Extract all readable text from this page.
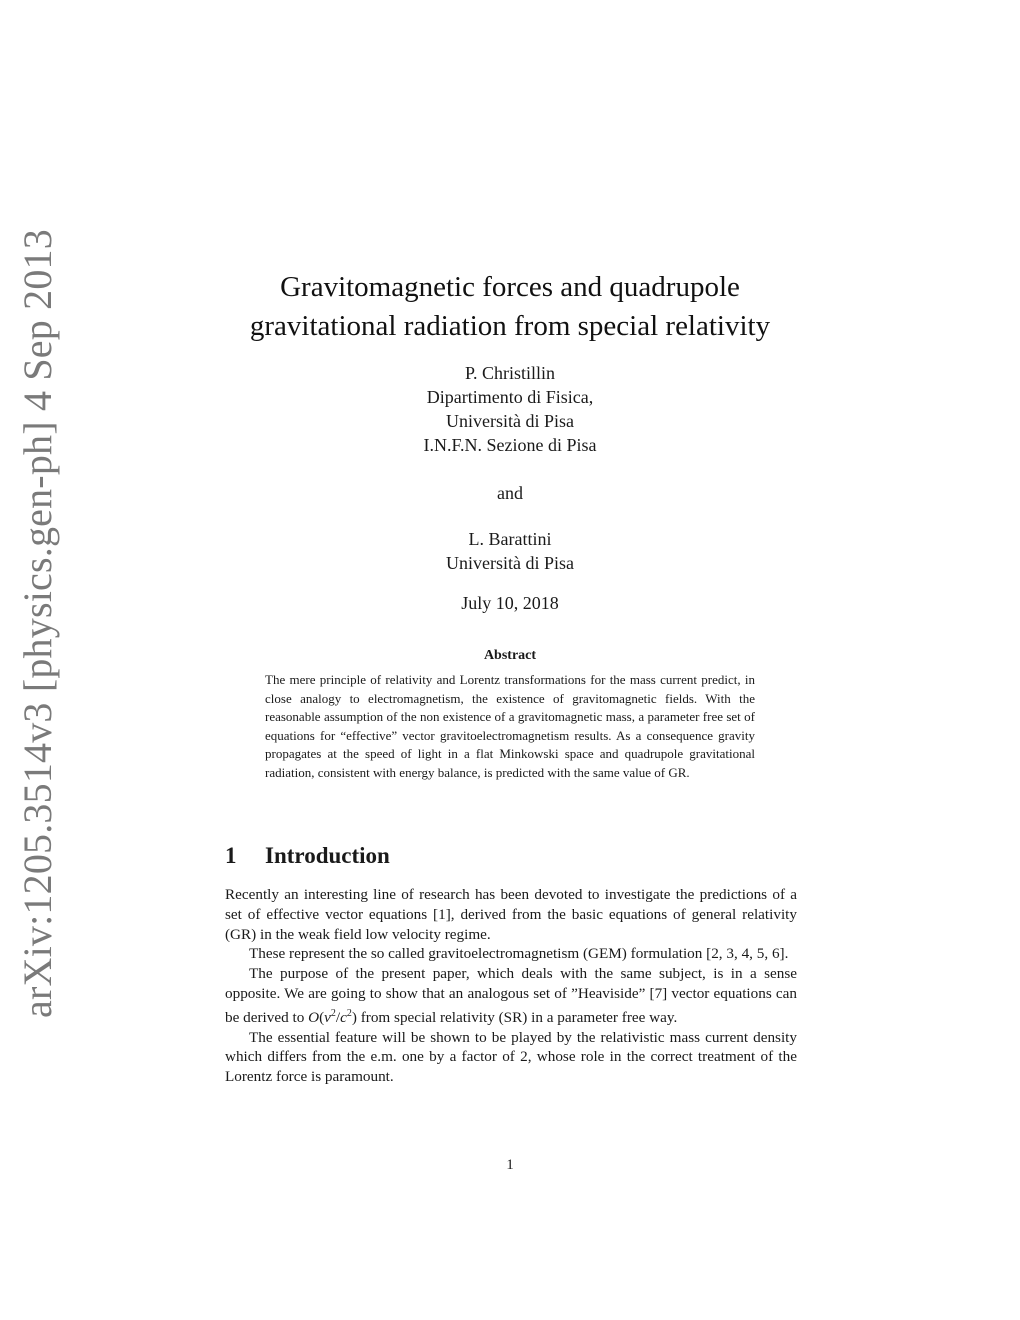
arXiv:1205.3514v3 [physics.gen-ph] 4 Sep 2013	Gravitomagnetic forces and quadrupole
gravitational radiation from special relativity
P. Christillin
Dipartimento di Fisica,
Università di Pisa
I.N.F.N. Sezione di Pisa
and
L. Barattini
Università di Pisa
July 10, 2018
Abstract

The mere principle of relativity and Lorentz transformations for the mass current predict, in close analogy to electromagnetism, the existence of gravitomagnetic fields. With the reasonable assumption of the non existence of a gravitomagnetic mass, a parameter free set of equations for “effective” vector gravitoelectromagnetism results. As a consequence gravity propagates at the speed of light in a flat Minkowski space and quadrupole gravitational radiation, consistent with energy balance, is predicted with the same value of GR.

1 Introduction

Recently an interesting line of research has been devoted to investigate the predictions of a set of effective vector equations [1], derived from the basic equations of general relativity (GR) in the weak field low velocity regime.

These represent the so called gravitoelectromagnetism (GEM) formulation [2, 3, 4, 5, 6].

The purpose of the present paper, which deals with the same subject, is in a sense opposite. We are going to show that an analogous set of ”Heaviside” [7] vector equations can be derived to $O(v^2/c^2)$ from special relativity (SR) in a parameter free way.

The essential feature will be shown to be played by the relativistic mass current density which differs from the e.m. one by a factor of 2, whose role in the correct treatment of the Lorentz force is paramount.

1
